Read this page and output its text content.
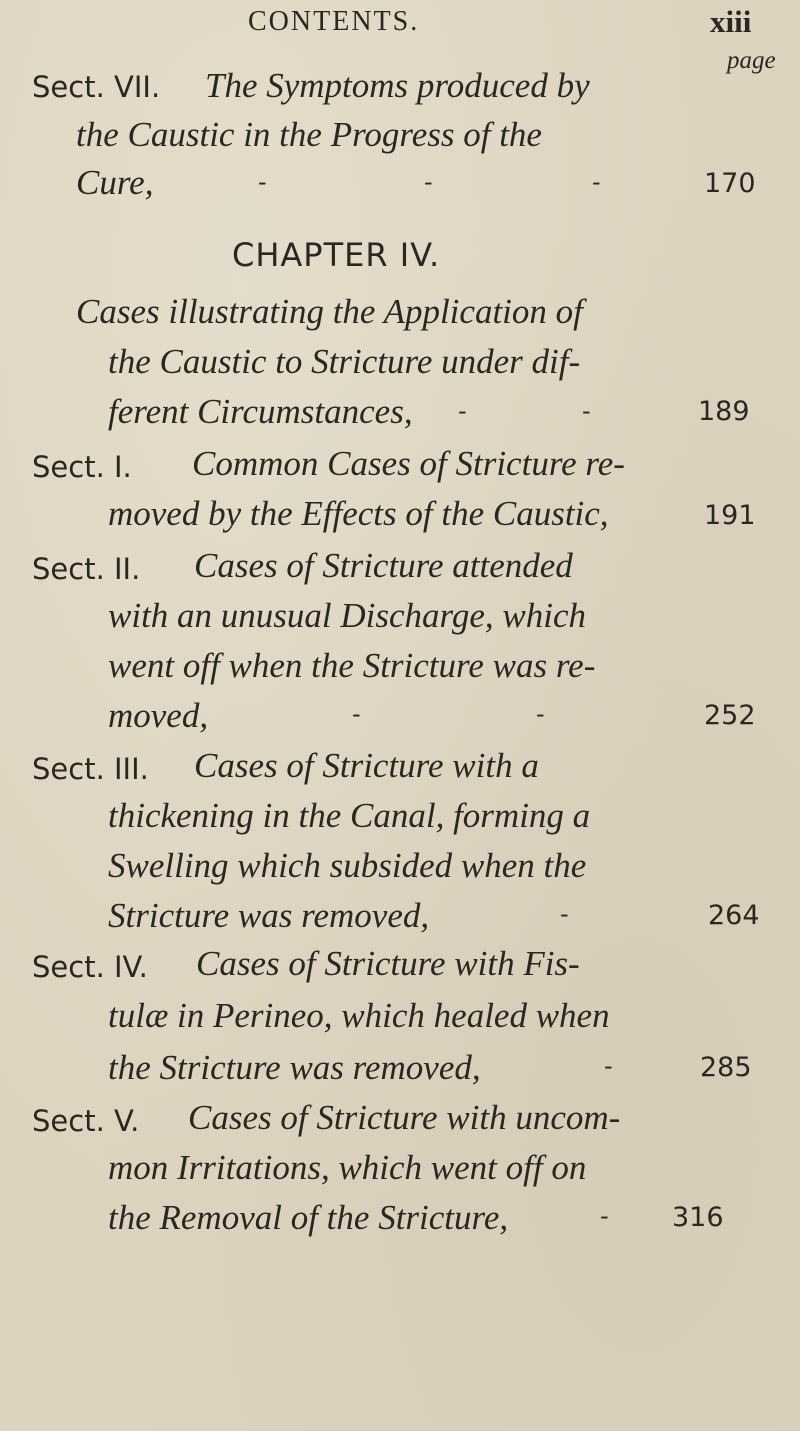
CONTENTS.	xiii
page
Sect. VII. The Symptoms produced by
the Caustic in the Progress of the
Cure,	-	-	-	170
CHAPTER IV.
Cases illustrating the Application of
the Caustic to Stricture under dif-
ferent Circumstances, -	-	189
Sect. I. Common Cases of Stricture re-
moved by the Effects of the Caustic,	191
Sect. II. Cases of Stricture attended
with an unusual Discharge, which
went off when the Stricture was re-
moved,	-	-	252
Sect. III. Cases of Stricture with a
thickening in the Canal, forming a
Swelling which subsided when the
Stricture was removed,	-	264
Sect. IV. Cases of Stricture with Fis-
tulæ in Perineo, which healed when
the Stricture was removed,	-	285
Sect. V. Cases of Stricture with uncom-
mon Irritations, which went off on
the Removal of the Stricture,	- 316
